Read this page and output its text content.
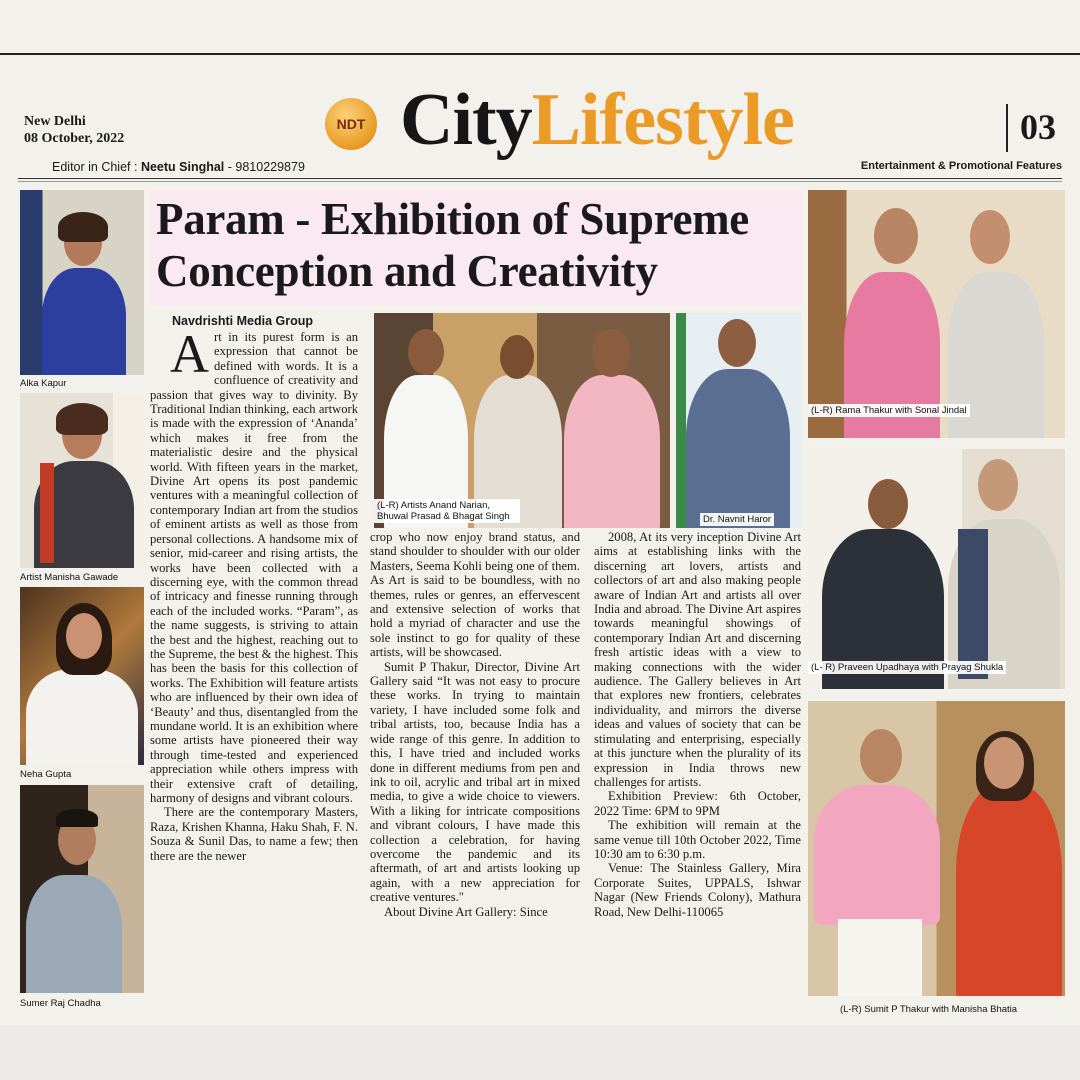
New Delhi
08 October, 2022
NDT CityLifestyle	03
Editor in Chief : Neetu Singhal - 9810229879	Entertainment & Promotional Features
Param - Exhibition of Supreme Conception and Creativity
Alka Kapur
Artist Manisha Gawade
Neha Gupta
Sumer Raj Chadha
(L-R) Artists Anand Narian, Bhuwal Prasad & Bhagat Singh	Dr. Navnit Haror
(L-R) Rama Thakur with Sonal Jindal
(L- R) Praveen Upadhaya with Prayag Shukla
(L-R) Sumit P Thakur with Manisha Bhatia
Navdrishti Media Group
A rt in its purest form is an expression that cannot be defined with words. It is a confluence of creativity and passion that gives way to divinity. By Traditional Indian thinking, each artwork is made with the expression of ‘Ananda’ which makes it free from the materialistic desire and the physical world. With fifteen years in the market, Divine Art opens its post pandemic ventures with a meaningful collection of contemporary Indian art from the studios of eminent artists as well as those from personal collections. A handsome mix of senior, mid-career and rising artists, the works have been collected with a discerning eye, with the common thread of intricacy and finesse running through each of the included works. “Param”, as the name suggests, is striving to attain the best and the highest, reaching out to the Supreme, the best & the highest. This has been the basis for this collection of works. The Exhibition will feature artists who are influenced by their own idea of ‘Beauty’ and thus, disentangled from the mundane world. It is an exhibition where some artists have pioneered their way through time-tested and experienced appreciation while others impress with their extensive craft of detailing, harmony of designs and vibrant colours.

There are the contemporary Masters, Raza, Krishen Khanna, Haku Shah, F. N. Souza & Sunil Das, to name a few; then there are the newer

crop who now enjoy brand status, and stand shoulder to shoulder with our older Masters, Seema Kohli being one of them. As Art is said to be boundless, with no themes, rules or genres, an effervescent and extensive selection of works that hold a myriad of character and use the sole instinct to go for quality of these artists, will be showcased.

Sumit P Thakur, Director, Divine Art Gallery said “It was not easy to procure these works. In trying to maintain variety, I have included some folk and tribal artists, too, because India has a wide range of this genre. In addition to this, I have tried and included works done in different mediums from pen and ink to oil, acrylic and tribal art in mixed media, to give a wide choice to viewers. With a liking for intricate compositions and vibrant colours, I have made this collection a celebration, for having overcome the pandemic and its aftermath, of art and artists looking up again, with a new appreciation for creative ventures."

About Divine Art Gallery: Since

2008, At its very inception Divine Art aims at establishing links with the discerning art lovers, artists and collectors of art and also making people aware of Indian Art and artists all over India and abroad. The Divine Art aspires towards meaningful showings of contemporary Indian Art and discerning fresh artistic ideas with a view to making connections with the wider audience. The Gallery believes in Art that explores new frontiers, celebrates individuality, and mirrors the diverse ideas and values of society that can be stimulating and enterprising, especially at this juncture when the plurality of its expression in India throws new challenges for artists.

Exhibition Preview: 6th October, 2022 Time: 6PM to 9PM

The exhibition will remain at the same venue till 10th October 2022, Time 10:30 am to 6:30 p.m.

Venue: The Stainless Gallery, Mira Corporate Suites, UPPALS, Ishwar Nagar (New Friends Colony), Mathura Road, New Delhi-110065
